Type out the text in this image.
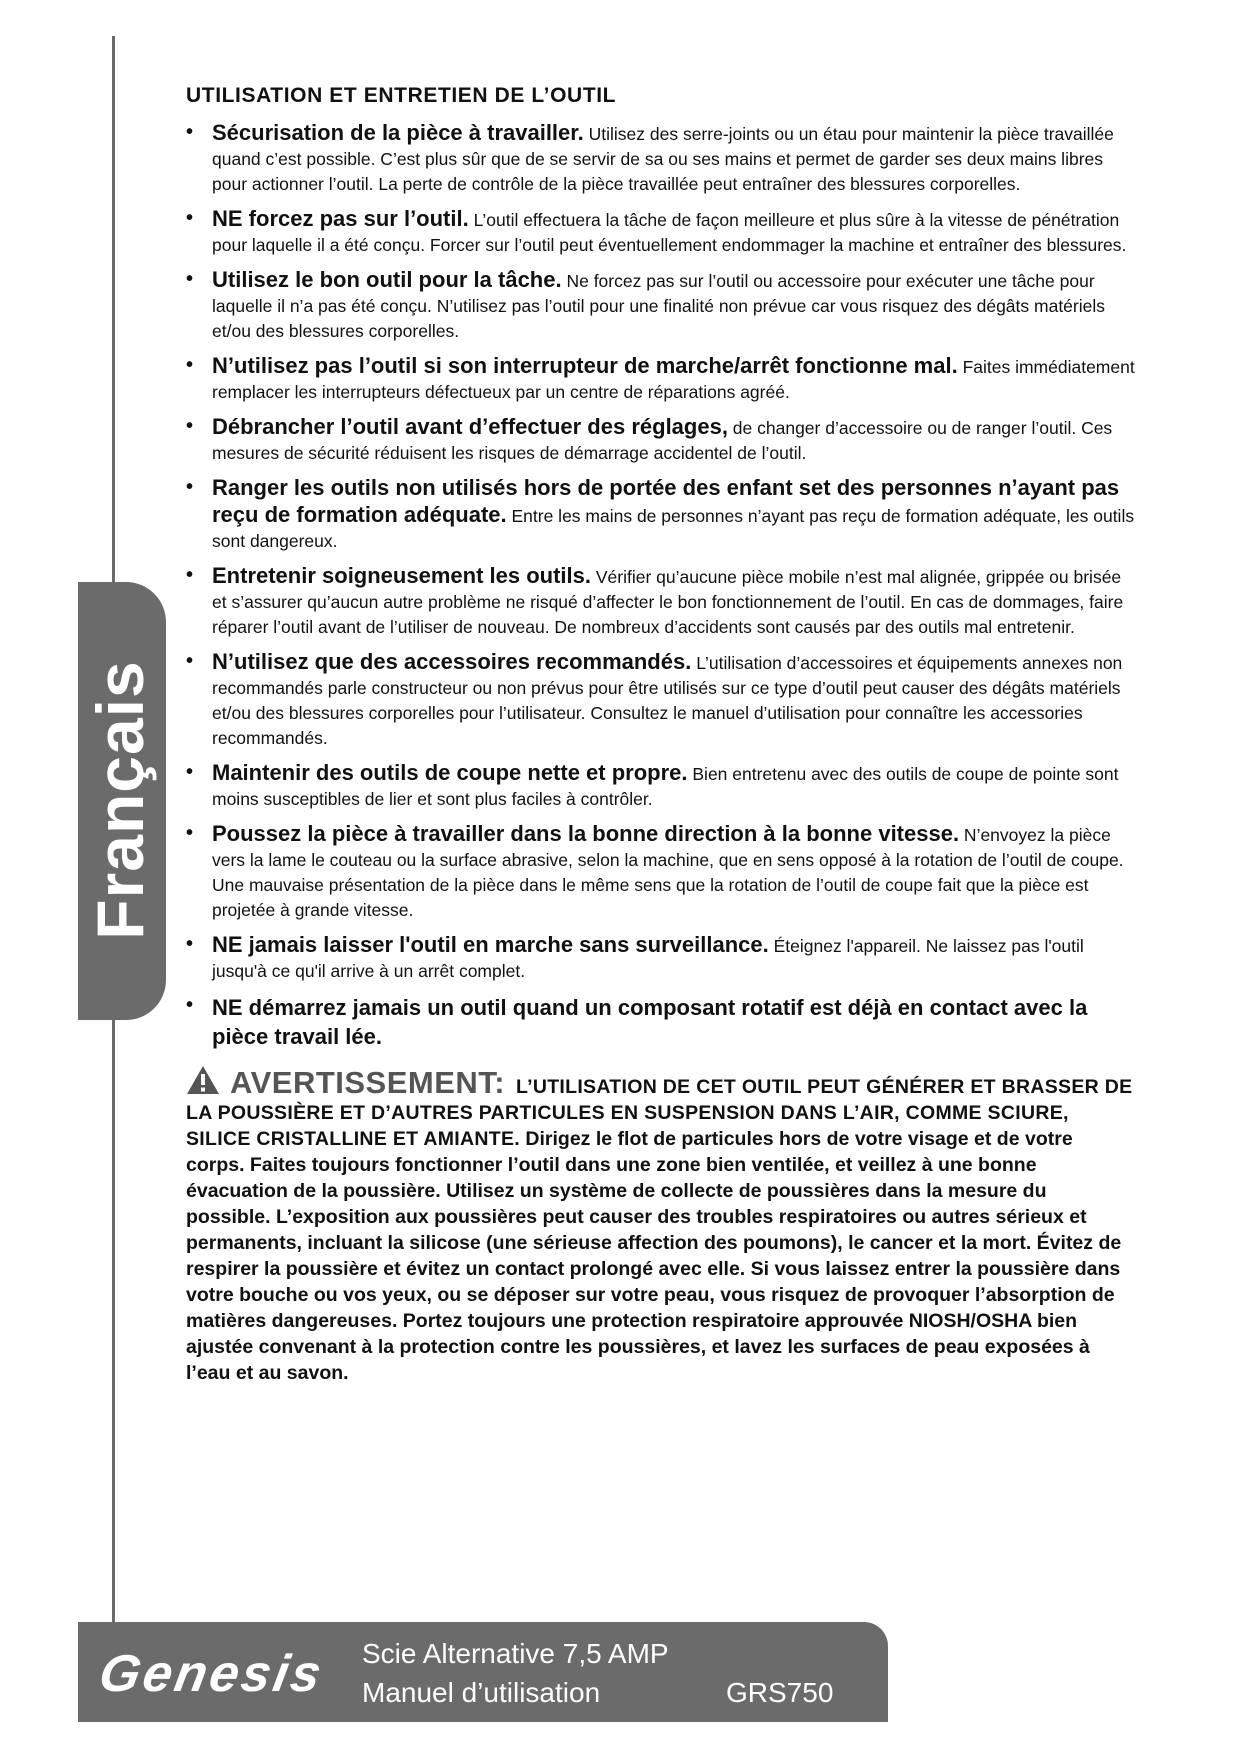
Français
UTILISATION ET ENTRETIEN DE L’OUTIL
• Sécurisation de la pièce à travailler. Utilisez des serre-joints ou un étau pour maintenir la pièce travaillée quand c’est possible. C’est plus sûr que de se servir de sa ou ses mains et permet de garder ses deux mains libres pour actionner l’outil. La perte de contrôle de la pièce travaillée peut entraîner des blessures corporelles.
• NE forcez pas sur l’outil. L’outil effectuera la tâche de façon meilleure et plus sûre à la vitesse de pénétration pour laquelle il a été conçu. Forcer sur l’outil peut éventuellement endommager la machine et entraîner des blessures.
• Utilisez le bon outil pour la tâche. Ne forcez pas sur l’outil ou accessoire pour exécuter une tâche pour laquelle il n’a pas été conçu. N’utilisez pas l’outil pour une finalité non prévue car vous risquez des dégâts matériels et/ou des blessures corporelles.
• N’utilisez pas l’outil si son interrupteur de marche/arrêt fonctionne mal. Faites immédiatement remplacer les interrupteurs défectueux par un centre de réparations agréé.
• Débrancher l’outil avant d’effectuer des réglages, de changer d’accessoire ou de ranger l’outil. Ces mesures de sécurité réduisent les risques de démarrage accidentel de l’outil.
• Ranger les outils non utilisés hors de portée des enfant set des personnes n’ayant pas reçu de formation adéquate. Entre les mains de personnes n’ayant pas reçu de formation adéquate, les outils sont dangereux.
• Entretenir soigneusement les outils. Vérifier qu’aucune pièce mobile n’est mal alignée, grippée ou brisée et s’assurer qu’aucun autre problème ne risqué d’affecter le bon fonctionnement de l’outil. En cas de dommages, faire réparer l’outil avant de l’utiliser de nouveau. De nombreux d’accidents sont causés par des outils mal entretenir.
• N’utilisez que des accessoires recommandés. L’utilisation d’accessoires et équipements annexes non recommandés parle constructeur ou non prévus pour être utilisés sur ce type d’outil peut causer des dégâts matériels et/ou des blessures corporelles pour l’utilisateur. Consultez le manuel d’utilisation pour connaître les accessories recommandés.
• Maintenir des outils de coupe nette et propre. Bien entretenu avec des outils de coupe de pointe sont moins susceptibles de lier et sont plus faciles à contrôler.
• Poussez la pièce à travailler dans la bonne direction à la bonne vitesse. N’envoyez la pièce vers la lame le couteau ou la surface abrasive, selon la machine, que en sens opposé à la rotation de l’outil de coupe. Une mauvaise présentation de la pièce dans le même sens que la rotation de l’outil de coupe fait que la pièce est projetée à grande vitesse.
• NE jamais laisser l'outil en marche sans surveillance. Éteignez l'appareil. Ne laissez pas l'outil jusqu'à ce qu'il arrive à un arrêt complet.
• NE démarrez jamais un outil quand un composant rotatif est déjà en contact avec la pièce travail lée.
AVERTISSEMENT: L’UTILISATION DE CET OUTIL PEUT GÉNÉRER ET BRASSER DE LA POUSSIÈRE ET D’AUTRES PARTICULES EN SUSPENSION DANS L’AIR, COMME SCIURE, SILICE CRISTALLINE ET AMIANTE. Dirigez le flot de particules hors de votre visage et de votre corps. Faites toujours fonctionner l’outil dans une zone bien ventilée, et veillez à une bonne évacuation de la poussière. Utilisez un système de collecte de poussières dans la mesure du possible. L’exposition aux poussières peut causer des troubles respiratoires ou autres sérieux et permanents, incluant la silicose (une sérieuse affection des poumons), le cancer et la mort. Évitez de respirer la poussière et évitez un contact prolongé avec elle. Si vous laissez entrer la poussière dans votre bouche ou vos yeux, ou se déposer sur votre peau, vous risquez de provoquer l’absorption de matières dangereuses. Portez toujours une protection respiratoire approuvée NIOSH/OSHA bien ajustée convenant à la protection contre les poussières, et lavez les surfaces de peau exposées à l’eau et au savon.
Genesis Scie Alternative 7,5 AMP
Manuel d’utilisation	GRS750
